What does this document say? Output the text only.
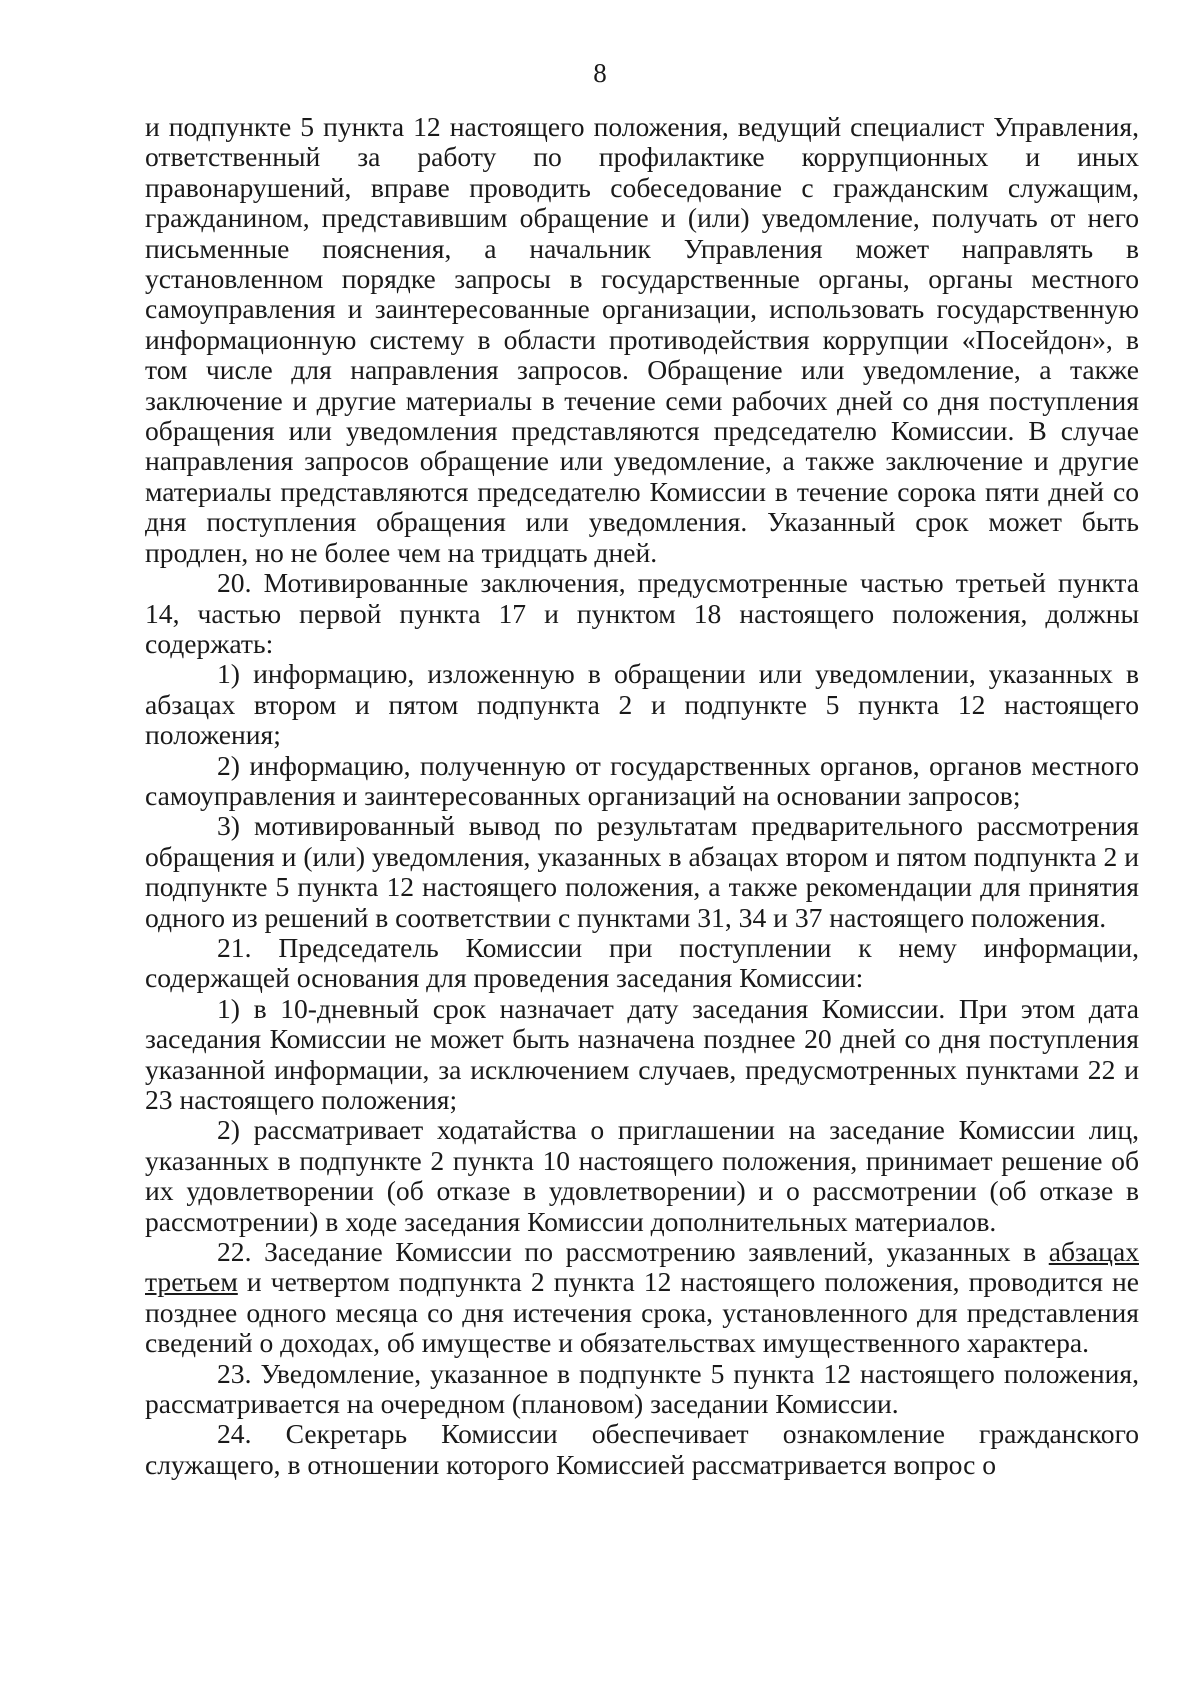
8

и подпункте 5 пункта 12 настоящего положения, ведущий специалист Управления, ответственный за работу по профилактике коррупционных и иных правонарушений, вправе проводить собеседование с гражданским служащим, гражданином, представившим обращение и (или) уведомление, получать от него письменные пояснения, а начальник Управления может направлять в установленном порядке запросы в государственные органы, органы местного самоуправления и заинтересованные организации, использовать государственную информационную систему в области противодействия коррупции «Посейдон», в том числе для направления запросов. Обращение или уведомление, а также заключение и другие материалы в течение семи рабочих дней со дня поступления обращения или уведомления представляются председателю Комиссии. В случае направления запросов обращение или уведомление, а также заключение и другие материалы представляются председателю Комиссии в течение сорока пяти дней со дня поступления обращения или уведомления. Указанный срок может быть продлен, но не более чем на тридцать дней.

20. Мотивированные заключения, предусмотренные частью третьей пункта 14, частью первой пункта 17 и пунктом 18 настоящего положения, должны содержать:

1) информацию, изложенную в обращении или уведомлении, указанных в абзацах втором и пятом подпункта 2 и подпункте 5 пункта 12 настоящего положения;

2) информацию, полученную от государственных органов, органов местного самоуправления и заинтересованных организаций на основании запросов;

3) мотивированный вывод по результатам предварительного рассмотрения обращения и (или) уведомления, указанных в абзацах втором и пятом подпункта 2 и подпункте 5 пункта 12 настоящего положения, а также рекомендации для принятия одного из решений в соответствии с пунктами 31, 34 и 37 настоящего положения.

21. Председатель Комиссии при поступлении к нему информации, содержащей основания для проведения заседания Комиссии:

1) в 10-дневный срок назначает дату заседания Комиссии. При этом дата заседания Комиссии не может быть назначена позднее 20 дней со дня поступления указанной информации, за исключением случаев, предусмотренных пунктами 22 и 23 настоящего положения;

2) рассматривает ходатайства о приглашении на заседание Комиссии лиц, указанных в подпункте 2 пункта 10 настоящего положения, принимает решение об их удовлетворении (об отказе в удовлетворении) и о рассмотрении (об отказе в рассмотрении) в ходе заседания Комиссии дополнительных материалов.

22. Заседание Комиссии по рассмотрению заявлений, указанных в абзацах третьем и четвертом подпункта 2 пункта 12 настоящего положения, проводится не позднее одного месяца со дня истечения срока, установленного для представления сведений о доходах, об имуществе и обязательствах имущественного характера.

23. Уведомление, указанное в подпункте 5 пункта 12 настоящего положения, рассматривается на очередном (плановом) заседании Комиссии.

24. Секретарь Комиссии обеспечивает ознакомление гражданского служащего, в отношении которого Комиссией рассматривается вопрос о
